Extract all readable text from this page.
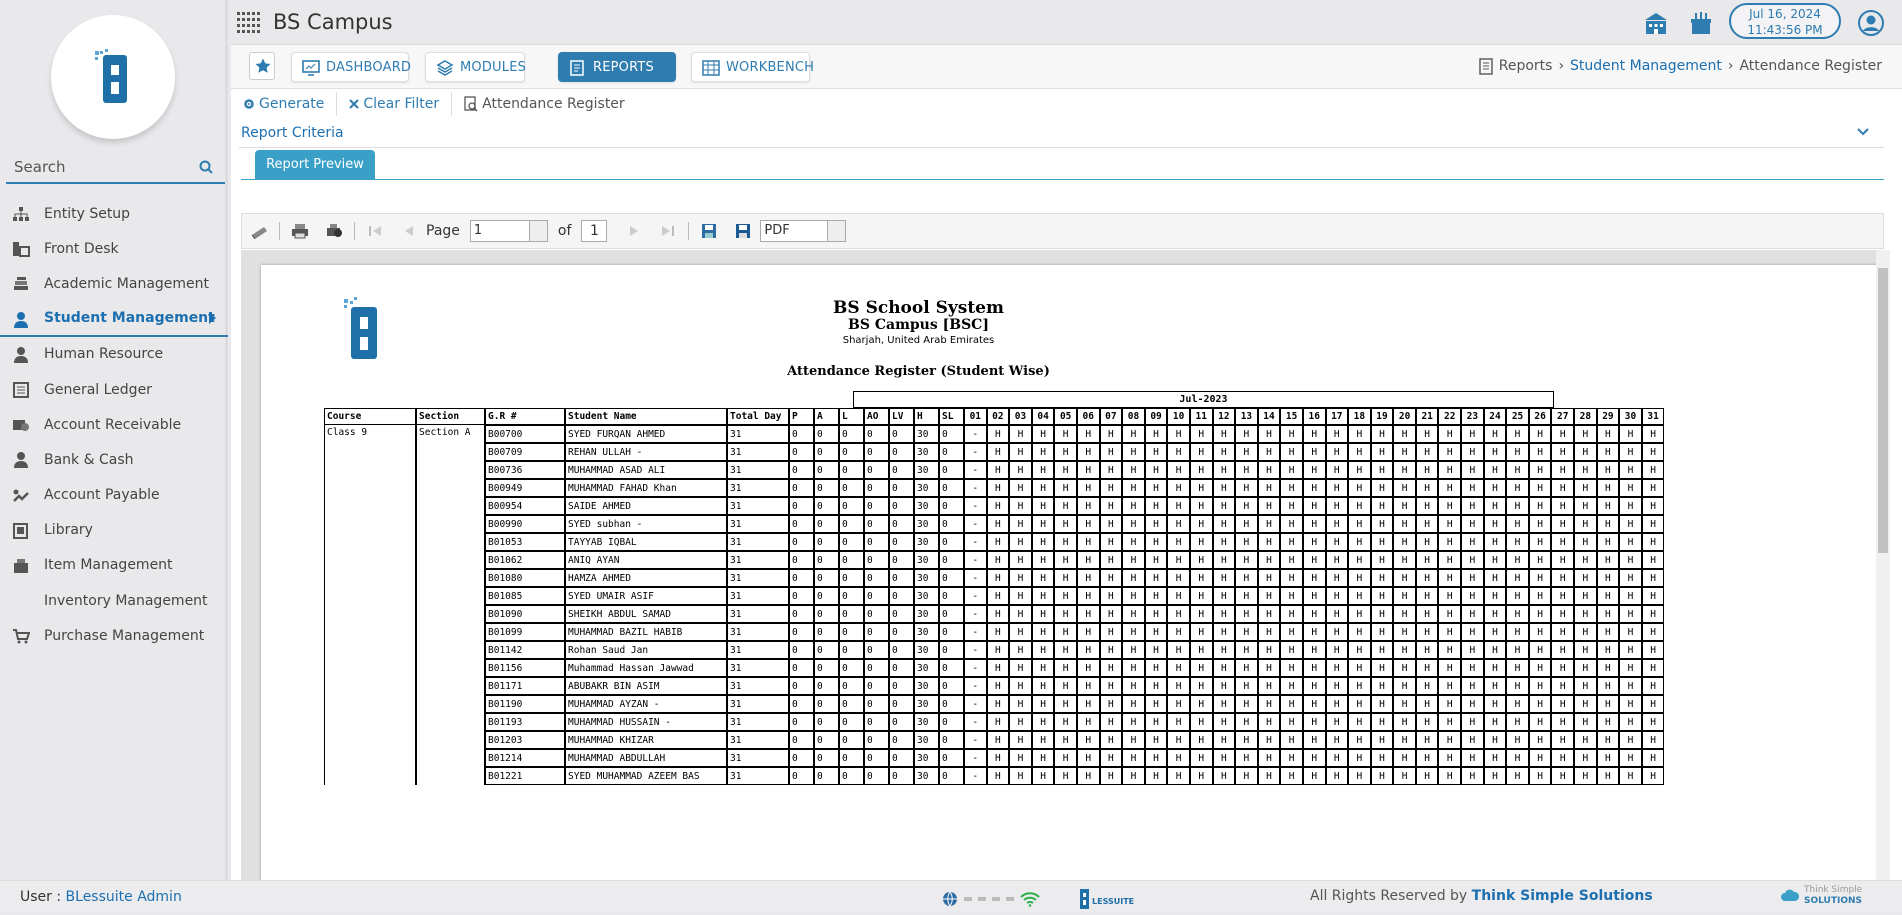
Search
Entity Setup
Front Desk
Academic Management
Student Management
Human Resource
General Ledger
Account Receivable
Bank & Cash
Account Payable
Library
Item Management
Inventory Management
Purchase Management
BS Campus	Jul 16, 2024
11:43:56 PM
DASHBOARD	MODULES	REPORTS	WORKBENCH	Reports › Student Management › Attendance Register
Generate	Clear Filter	Attendance Register
Report Criteria
Report Preview
Page	1	of	1	PDF
BS School System
BS Campus [BSC]
Sharjah, United Arab Emirates
Attendance Register (Student Wise)
Jul-2023
Course	Section	G.R #	Student Name	Total Day	P	A	L	AO	LV	H	SL	01	02	03	04	05	06	07	08	09	10	11	12	13	14	15	16	17	18	19	20	21	22	23	24	25	26	27	28	29	30	31
Class 9	Section A	B00700	SYED FURQAN AHMED	31	0	0	0	0	0	30	0	-	H	H	H	H	H	H	H	H	H	H	H	H	H	H	H	H	H	H	H	H	H	H	H	H	H	H	H	H	H	H
		B00709	REHAN ULLAH -	31	0	0	0	0	0	30	0	-	H	H	H	H	H	H	H	H	H	H	H	H	H	H	H	H	H	H	H	H	H	H	H	H	H	H	H	H	H	H
		B00736	MUHAMMAD ASAD ALI	31	0	0	0	0	0	30	0	-	H	H	H	H	H	H	H	H	H	H	H	H	H	H	H	H	H	H	H	H	H	H	H	H	H	H	H	H	H	H
		B00949	MUHAMMAD FAHAD Khan	31	0	0	0	0	0	30	0	-	H	H	H	H	H	H	H	H	H	H	H	H	H	H	H	H	H	H	H	H	H	H	H	H	H	H	H	H	H	H
		B00954	SAIDE AHMED	31	0	0	0	0	0	30	0	-	H	H	H	H	H	H	H	H	H	H	H	H	H	H	H	H	H	H	H	H	H	H	H	H	H	H	H	H	H	H
		B00990	SYED subhan -	31	0	0	0	0	0	30	0	-	H	H	H	H	H	H	H	H	H	H	H	H	H	H	H	H	H	H	H	H	H	H	H	H	H	H	H	H	H	H
		B01053	TAYYAB IQBAL	31	0	0	0	0	0	30	0	-	H	H	H	H	H	H	H	H	H	H	H	H	H	H	H	H	H	H	H	H	H	H	H	H	H	H	H	H	H	H
		B01062	ANIQ AYAN	31	0	0	0	0	0	30	0	-	H	H	H	H	H	H	H	H	H	H	H	H	H	H	H	H	H	H	H	H	H	H	H	H	H	H	H	H	H	H
		B01080	HAMZA AHMED	31	0	0	0	0	0	30	0	-	H	H	H	H	H	H	H	H	H	H	H	H	H	H	H	H	H	H	H	H	H	H	H	H	H	H	H	H	H	H
		B01085	SYED UMAIR ASIF	31	0	0	0	0	0	30	0	-	H	H	H	H	H	H	H	H	H	H	H	H	H	H	H	H	H	H	H	H	H	H	H	H	H	H	H	H	H	H
		B01090	SHEIKH ABDUL SAMAD	31	0	0	0	0	0	30	0	-	H	H	H	H	H	H	H	H	H	H	H	H	H	H	H	H	H	H	H	H	H	H	H	H	H	H	H	H	H	H
		B01099	MUHAMMAD BAZIL HABIB	31	0	0	0	0	0	30	0	-	H	H	H	H	H	H	H	H	H	H	H	H	H	H	H	H	H	H	H	H	H	H	H	H	H	H	H	H	H	H
		B01142	Rohan Saud Jan	31	0	0	0	0	0	30	0	-	H	H	H	H	H	H	H	H	H	H	H	H	H	H	H	H	H	H	H	H	H	H	H	H	H	H	H	H	H	H
		B01156	Muhammad Hassan Jawwad	31	0	0	0	0	0	30	0	-	H	H	H	H	H	H	H	H	H	H	H	H	H	H	H	H	H	H	H	H	H	H	H	H	H	H	H	H	H	H
		B01171	ABUBAKR BIN ASIM	31	0	0	0	0	0	30	0	-	H	H	H	H	H	H	H	H	H	H	H	H	H	H	H	H	H	H	H	H	H	H	H	H	H	H	H	H	H	H
		B01190	MUHAMMAD AYZAN -	31	0	0	0	0	0	30	0	-	H	H	H	H	H	H	H	H	H	H	H	H	H	H	H	H	H	H	H	H	H	H	H	H	H	H	H	H	H	H
		B01193	MUHAMMAD HUSSAIN -	31	0	0	0	0	0	30	0	-	H	H	H	H	H	H	H	H	H	H	H	H	H	H	H	H	H	H	H	H	H	H	H	H	H	H	H	H	H	H
		B01203	MUHAMMAD KHIZAR	31	0	0	0	0	0	30	0	-	H	H	H	H	H	H	H	H	H	H	H	H	H	H	H	H	H	H	H	H	H	H	H	H	H	H	H	H	H	H
		B01214	MUHAMMAD ABDULLAH	31	0	0	0	0	0	30	0	-	H	H	H	H	H	H	H	H	H	H	H	H	H	H	H	H	H	H	H	H	H	H	H	H	H	H	H	H	H	H
		B01221	SYED MUHAMMAD AZEEM BAS	31	0	0	0	0	0	30	0	-	H	H	H	H	H	H	H	H	H	H	H	H	H	H	H	H	H	H	H	H	H	H	H	H	H	H	H	H	H	H
User : BLessuite Admin	LESSUITE	All Rights Reserved by Think Simple Solutions	Think Simple
SOLUTIONS
